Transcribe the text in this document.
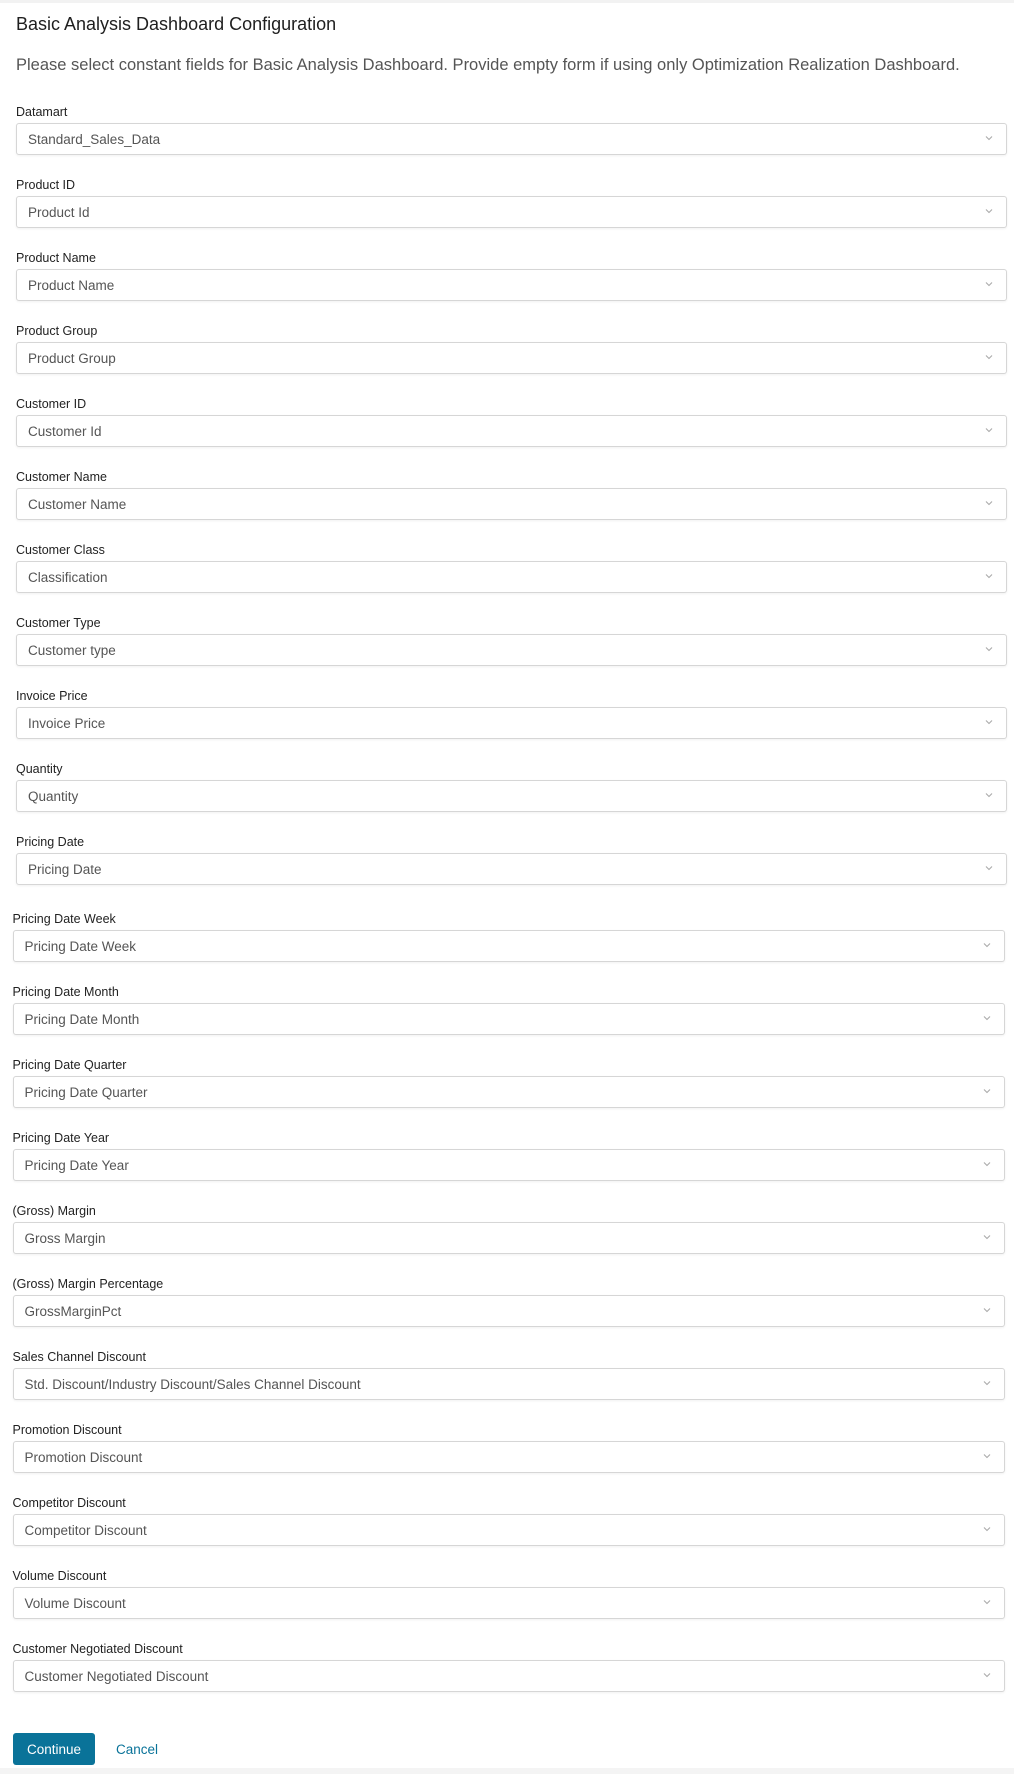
Basic Analysis Dashboard Configuration
Please select constant fields for Basic Analysis Dashboard. Provide empty form if using only Optimization Realization Dashboard.
Datamart
Standard_Sales_Data
Product ID
Product Id
Product Name
Product Name
Product Group
Product Group
Customer ID
Customer Id
Customer Name
Customer Name
Customer Class
Classification
Customer Type
Customer type
Invoice Price
Invoice Price
Quantity
Quantity
Pricing Date
Pricing Date
Pricing Date Week
Pricing Date Week
Pricing Date Month
Pricing Date Month
Pricing Date Quarter
Pricing Date Quarter
Pricing Date Year
Pricing Date Year
(Gross) Margin
Gross Margin
(Gross) Margin Percentage
GrossMarginPct
Sales Channel Discount
Std. Discount/Industry Discount/Sales Channel Discount
Promotion Discount
Promotion Discount
Competitor Discount
Competitor Discount
Volume Discount
Volume Discount
Customer Negotiated Discount
Customer Negotiated Discount
Continue	Cancel
